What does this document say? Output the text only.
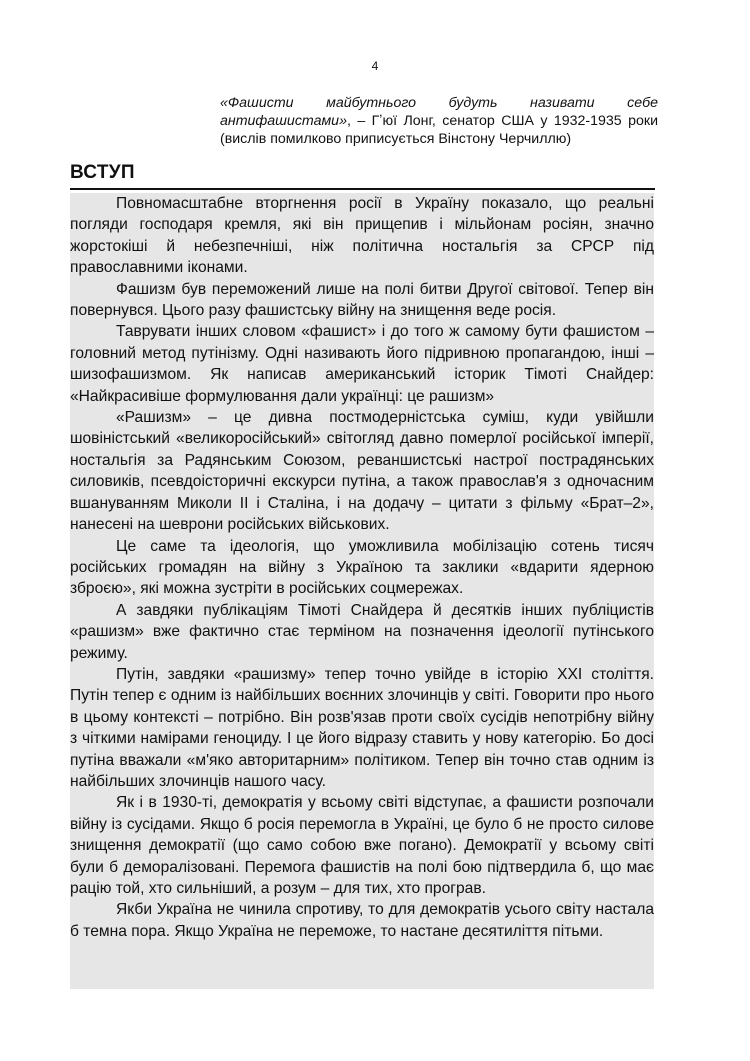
4
«Фашисти майбутнього будуть називати себе антифашистами», – Гʼюї Лонг, сенатор США у 1932-1935 роки (вислів помилково приписується Вінстону Черчиллю)
ВСТУП

Повномасштабне вторгнення росії в Україну показало, що реальні погляди господаря кремля, які він прищепив і мільйонам росіян, значно жорстокіші й небезпечніші, ніж політична ностальгія за СРСР під православними іконами.

Фашизм був переможений лише на полі битви Другої світової. Тепер він повернувся. Цього разу фашистську війну на знищення веде росія.

Таврувати інших словом «фашист» і до того ж самому бути фашистом – головний метод путінізму. Одні називають його підривною пропагандою, інші – шизофашизмом. Як написав американський історик Тімоті Снайдер: «Найкрасивіше формулювання дали українці: це рашизм»

«Рашизм» – це дивна постмодерністська суміш, куди увійшли шовіністський «великоросійський» світогляд давно померлої російської імперії, ностальгія за Радянським Союзом, реваншистські настрої пострадянських силовиків, псевдоісторичні екскурси путіна, а також православ'я з одночасним вшануванням Миколи II і Сталіна, і на додачу – цитати з фільму «Брат–2», нанесені на шеврони російських військових.

Це саме та ідеологія, що уможливила мобілізацію сотень тисяч російських громадян на війну з Україною та заклики «вдарити ядерною зброєю», які можна зустріти в російських соцмережах.

А завдяки публікаціям Тімоті Снайдера й десятків інших публіцистів «рашизм» вже фактично стає терміном на позначення ідеології путінського режиму.

Путін, завдяки «рашизму» тепер точно увійде в історію XXI століття. Путін тепер є одним із найбільших воєнних злочинців у світі. Говорити про нього в цьому контексті – потрібно. Він розв'язав проти своїх сусідів непотрібну війну з чіткими намірами геноциду. І це його відразу ставить у нову категорію. Бо досі путіна вважали «м'яко авторитарним» політиком. Тепер він точно став одним із найбільших злочинців нашого часу.

Як і в 1930-ті, демократія у всьому світі відступає, а фашисти розпочали війну із сусідами. Якщо б росія перемогла в Україні, це було б не просто силове знищення демократії (що само собою вже погано). Демократії у всьому світі були б деморалізовані. Перемога фашистів на полі бою підтвердила б, що має рацію той, хто сильніший, а розум – для тих, хто програв.

Якби Україна не чинила спротиву, то для демократів усього світу настала б темна пора. Якщо Україна не переможе, то настане десятиліття пітьми.
